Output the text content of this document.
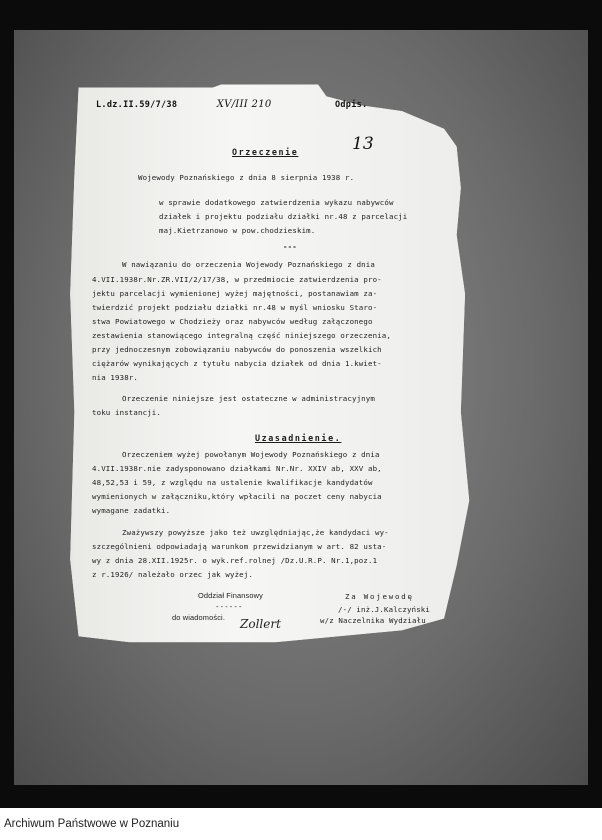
L.dz.II.59/7/38	XV/III 210	Odpis.
13
Orzeczenie
Wojewody Poznańskiego z dnia 8 sierpnia 1938 r.
w sprawie dodatkowego zatwierdzenia wykazu nabywców
działek i projektu podziału działki nr.48 z parcelacji
maj.Kietrzanowo w pow.chodzieskim.
---
W nawiązaniu do orzeczenia Wojewody Poznańskiego z dnia
4.VII.1938r.Nr.ZR.VII/2/17/38, w przedmiocie zatwierdzenia pro-
jektu parcelacji wymienionej wyżej majętności, postanawiam za-
twierdzić projekt podziału działki nr.48 w myśl wniosku Staro-
stwa Powiatowego w Chodzieży oraz nabywców według załączonego
zestawienia stanowiącego integralną część niniejszego orzeczenia,
przy jednoczesnym zobowiązaniu nabywców do ponoszenia wszelkich
ciężarów wynikających z tytułu nabycia działek od dnia 1.kwiet-
nia 1938r.
Orzeczenie niniejsze jest ostateczne w administracyjnym
toku instancji.
Uzasadnienie.
Orzeczeniem wyżej powołanym Wojewody Poznańskiego z dnia
4.VII.1938r.nie zadysponowano działkami Nr.Nr. XXIV ab, XXV ab,
48,52,53 i 59, z względu na ustalenie kwalifikacje kandydatów
wymienionych w załączniku,który wpłacili na poczet ceny nabycia
wymagane zadatki.
Zważywszy powyższe jako też uwzględniając,że kandydaci wy-
szczególnieni odpowiadają warunkom przewidzianym w art. 82 usta-
wy z dnia 28.XII.1925r. o wyk.ref.rolnej /Dz.U.R.P. Nr.1,poz.1
z r.1926/ należało orzec jak wyżej.
Oddział Finansowy
------
do wiadomości. Zollert
Za Wojewodę
/-/ inż.J.Kalczyński
w/z Naczelnika Wydziału
Archiwum Państwowe w Poznaniu
